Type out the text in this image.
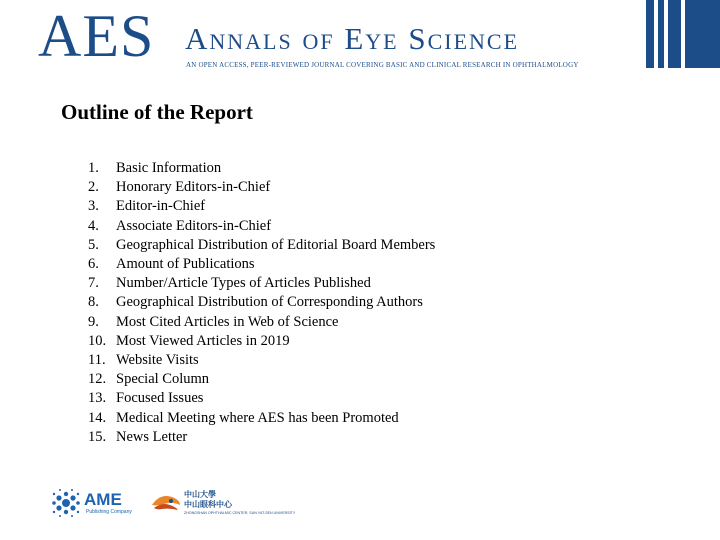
AES Annals of Eye Science
AN OPEN ACCESS, PEER-REVIEWED JOURNAL COVERING BASIC AND CLINICAL RESEARCH IN OPHTHALMOLOGY
Outline of the Report
1. Basic Information
2. Honorary Editors-in-Chief
3. Editor-in-Chief
4. Associate Editors-in-Chief
5. Geographical Distribution of Editorial Board Members
6. Amount of Publications
7. Number/Article Types of Articles Published
8. Geographical Distribution of Corresponding Authors
9. Most Cited Articles in Web of Science
10. Most Viewed Articles in 2019
11. Website Visits
12. Special Column
13. Focused Issues
14. Medical Meeting where AES has been Promoted
15. News Letter
AME
Publishing Company
中山大學
中山眼科中心
ZHONGSHAN OPHTHALMIC CENTER, SUN YAT-SEN UNIVERSITY
